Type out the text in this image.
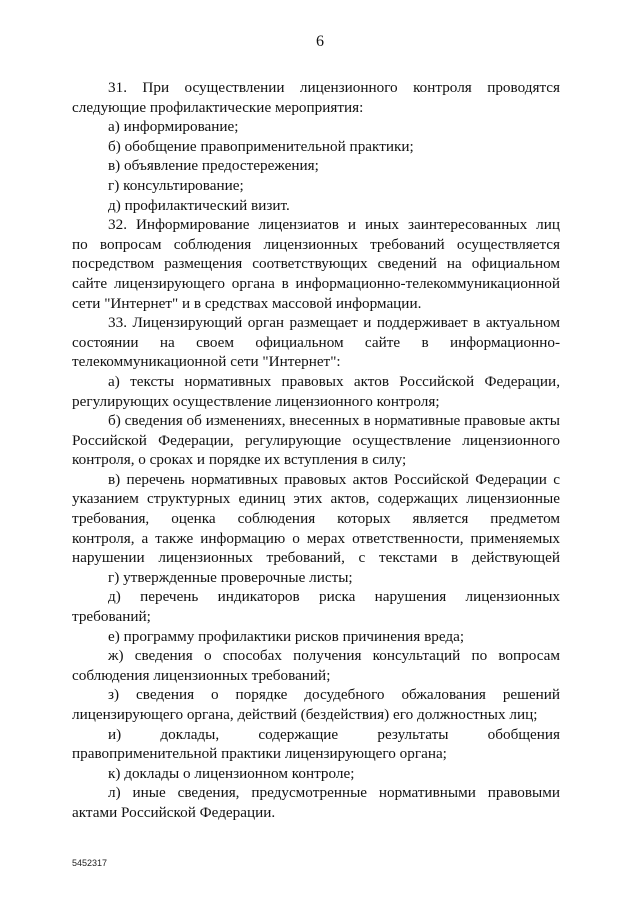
6
31. При осуществлении лицензионного контроля проводятся
следующие профилактические мероприятия:
а) информирование;
б) обобщение правоприменительной практики;
в) объявление предостережения;
г) консультирование;
д) профилактический визит.
32. Информирование лицензиатов и иных заинтересованных лиц
по вопросам соблюдения лицензионных требований осуществляется
посредством размещения соответствующих сведений на официальном
сайте лицензирующего органа в информационно-телекоммуникационной
сети "Интернет" и в средствах массовой информации.
33. Лицензирующий орган размещает и поддерживает в актуальном
состоянии на своем официальном сайте в информационно-
телекоммуникационной сети "Интернет":
а) тексты нормативных правовых актов Российской Федерации,
регулирующих осуществление лицензионного контроля;
б) сведения об изменениях, внесенных в нормативные правовые акты
Российской Федерации, регулирующие осуществление лицензионного
контроля, о сроках и порядке их вступления в силу;
в) перечень нормативных правовых актов Российской Федерации с
указанием структурных единиц этих актов, содержащих лицензионные
требования, оценка соблюдения которых является предметом
контроля, а также информацию о мерах ответственности, применяемых
нарушении лицензионных требований, с текстами в действующей
г) утвержденные проверочные листы;
д) перечень индикаторов риска нарушения лицензионных
требований;
е) программу профилактики рисков причинения вреда;
ж) сведения о способах получения консультаций по вопросам
соблюдения лицензионных требований;
з) сведения о порядке досудебного обжалования решений
лицензирующего органа, действий (бездействия) его должностных лиц;
и) доклады, содержащие результаты обобщения
правоприменительной практики лицензирующего органа;
к) доклады о лицензионном контроле;
л) иные сведения, предусмотренные нормативными правовыми
актами Российской Федерации.
5452317
